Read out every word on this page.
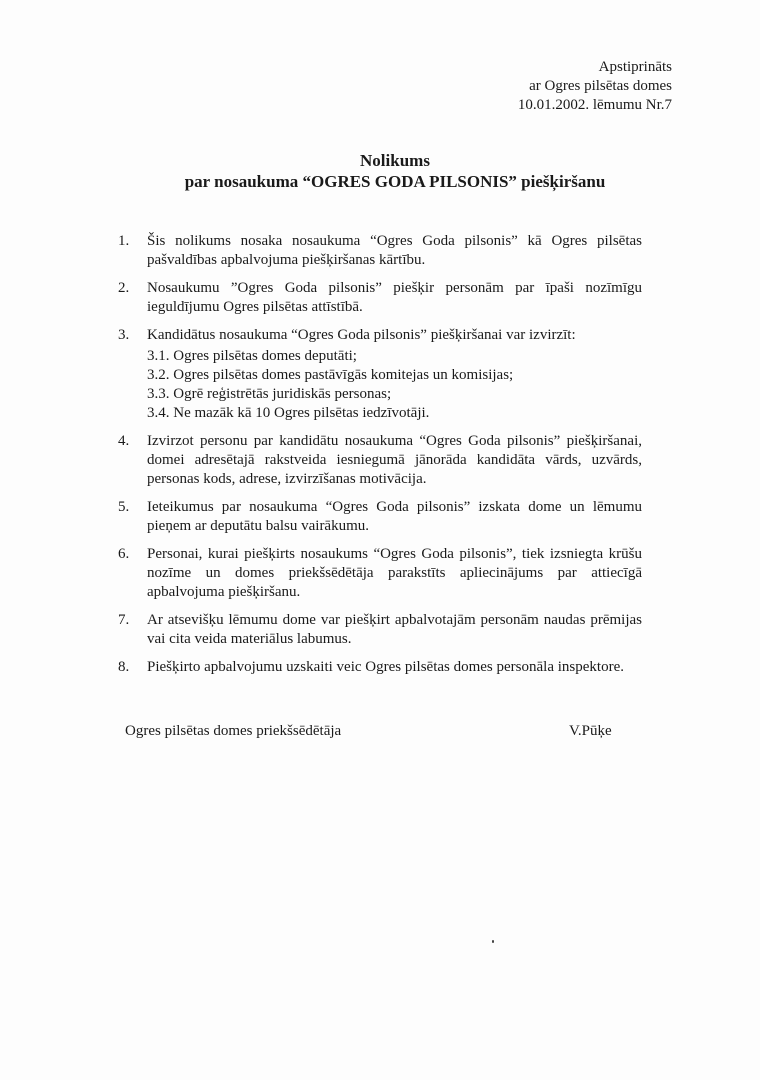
Apstiprināts
ar Ogres pilsētas domes
10.01.2002. lēmumu Nr.7
Nolikums
par nosaukuma “OGRES GODA PILSONIS” piešķiršanu
1.	Šis nolikums nosaka nosaukuma “Ogres Goda pilsonis” kā Ogres pilsētas pašvaldības apbalvojuma piešķiršanas kārtību.
2.	Nosaukumu ”Ogres Goda pilsonis” piešķir personām par īpaši nozīmīgu ieguldījumu Ogres pilsētas attīstībā.
3.	Kandidātus nosaukuma “Ogres Goda pilsonis” piešķiršanai var izvirzīt:
3.1. Ogres pilsētas domes deputāti;
3.2. Ogres pilsētas domes pastāvīgās komitejas un komisijas;
3.3. Ogrē reģistrētās juridiskās personas;
3.4. Ne mazāk kā 10 Ogres pilsētas iedzīvotāji.
4.	Izvirzot personu par kandidātu nosaukuma “Ogres Goda pilsonis” piešķiršanai, domei adresētajā rakstveida iesniegumā jānorāda kandidāta vārds, uzvārds, personas kods, adrese, izvirzīšanas motivācija.
5.	Ieteikumus par nosaukuma “Ogres Goda pilsonis” izskata dome un lēmumu pieņem ar deputātu balsu vairākumu.
6.	Personai, kurai piešķirts nosaukums “Ogres Goda pilsonis”, tiek izsniegta krūšu nozīme un domes priekšsēdētāja parakstīts apliecinājums par attiecīgā apbalvojuma piešķiršanu.
7.	Ar atsevišķu lēmumu dome var piešķirt apbalvotajām personām naudas prēmijas vai cita veida materiālus labumus.
8.	Piešķirto apbalvojumu uzskaiti veic Ogres pilsētas domes personāla inspektore.
Ogres pilsētas domes priekšsēdētāja	V.Pūķe
